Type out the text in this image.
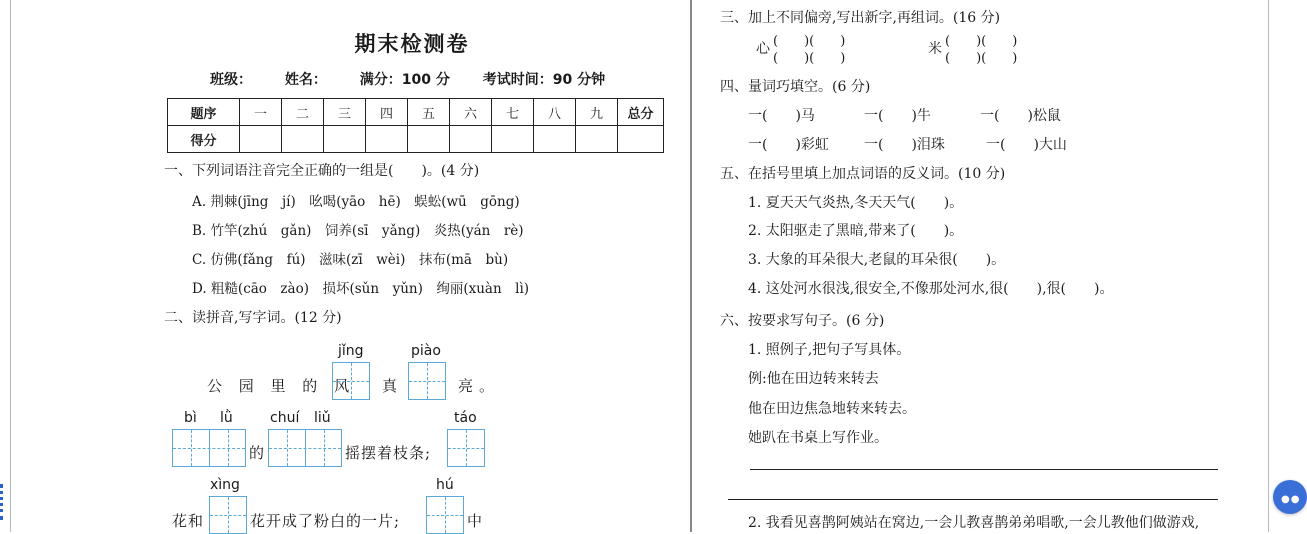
期末检测卷
班级： 姓名： 满分：100 分 考试时间：90 分钟
题序	一	二	三	四	五	六	七	八	九	总分
得分										
一、下列词语注音完全正确的一组是(　　)。(4 分)
A. 荆棘(jīng　jí)　吆喝(yāo　hē)　蜈蚣(wū　gōng)
B. 竹竿(zhú　gǎn)　饲养(sī　yǎng)　炎热(yán　rè)
C. 仿佛(fǎng　fú)　滋味(zī　wèi)　抹布(mā　bù)
D. 粗糙(cāo　zào)　损坏(sǔn　yǔn)　绚丽(xuàn　lì)
二、读拼音,写字词。(12 分)
jǐng	piào
公 园 里 的 风 真	亮。
bì lǜ	chuí liǔ	táo
的	摇摆着枝条;
xìng	hú
花和	花开成了粉白的一片;	中
三、加上不同偏旁,写出新字,再组词。(16 分)
心 (　　)(　　)
(　　)(　　)
米 (　　)(　　)
(　　)(　　)
四、量词巧填空。(6 分)
一(　　)马	一(　　)牛	一(　　)松鼠
一(　　)彩虹	一(　　)泪珠	一(　　)大山
五、在括号里填上加点词语的反义词。(10 分)
1. 夏天天气炎热,冬天天气(　　)。
2. 太阳驱走了黑暗,带来了(　　)。
3. 大象的耳朵很大,老鼠的耳朵很(　　)。
4. 这处河水很浅,很安全,不像那处河水,很(　　),很(　　)。
六、按要求写句子。(6 分)
1. 照例子,把句子写具体。
例:他在田边转来转去
他在田边焦急地转来转去。
她趴在书桌上写作业。
2. 我看见喜鹊阿姨站在窝边,一会儿教喜鹊弟弟唱歌,一会儿教他们做游戏,
●●
